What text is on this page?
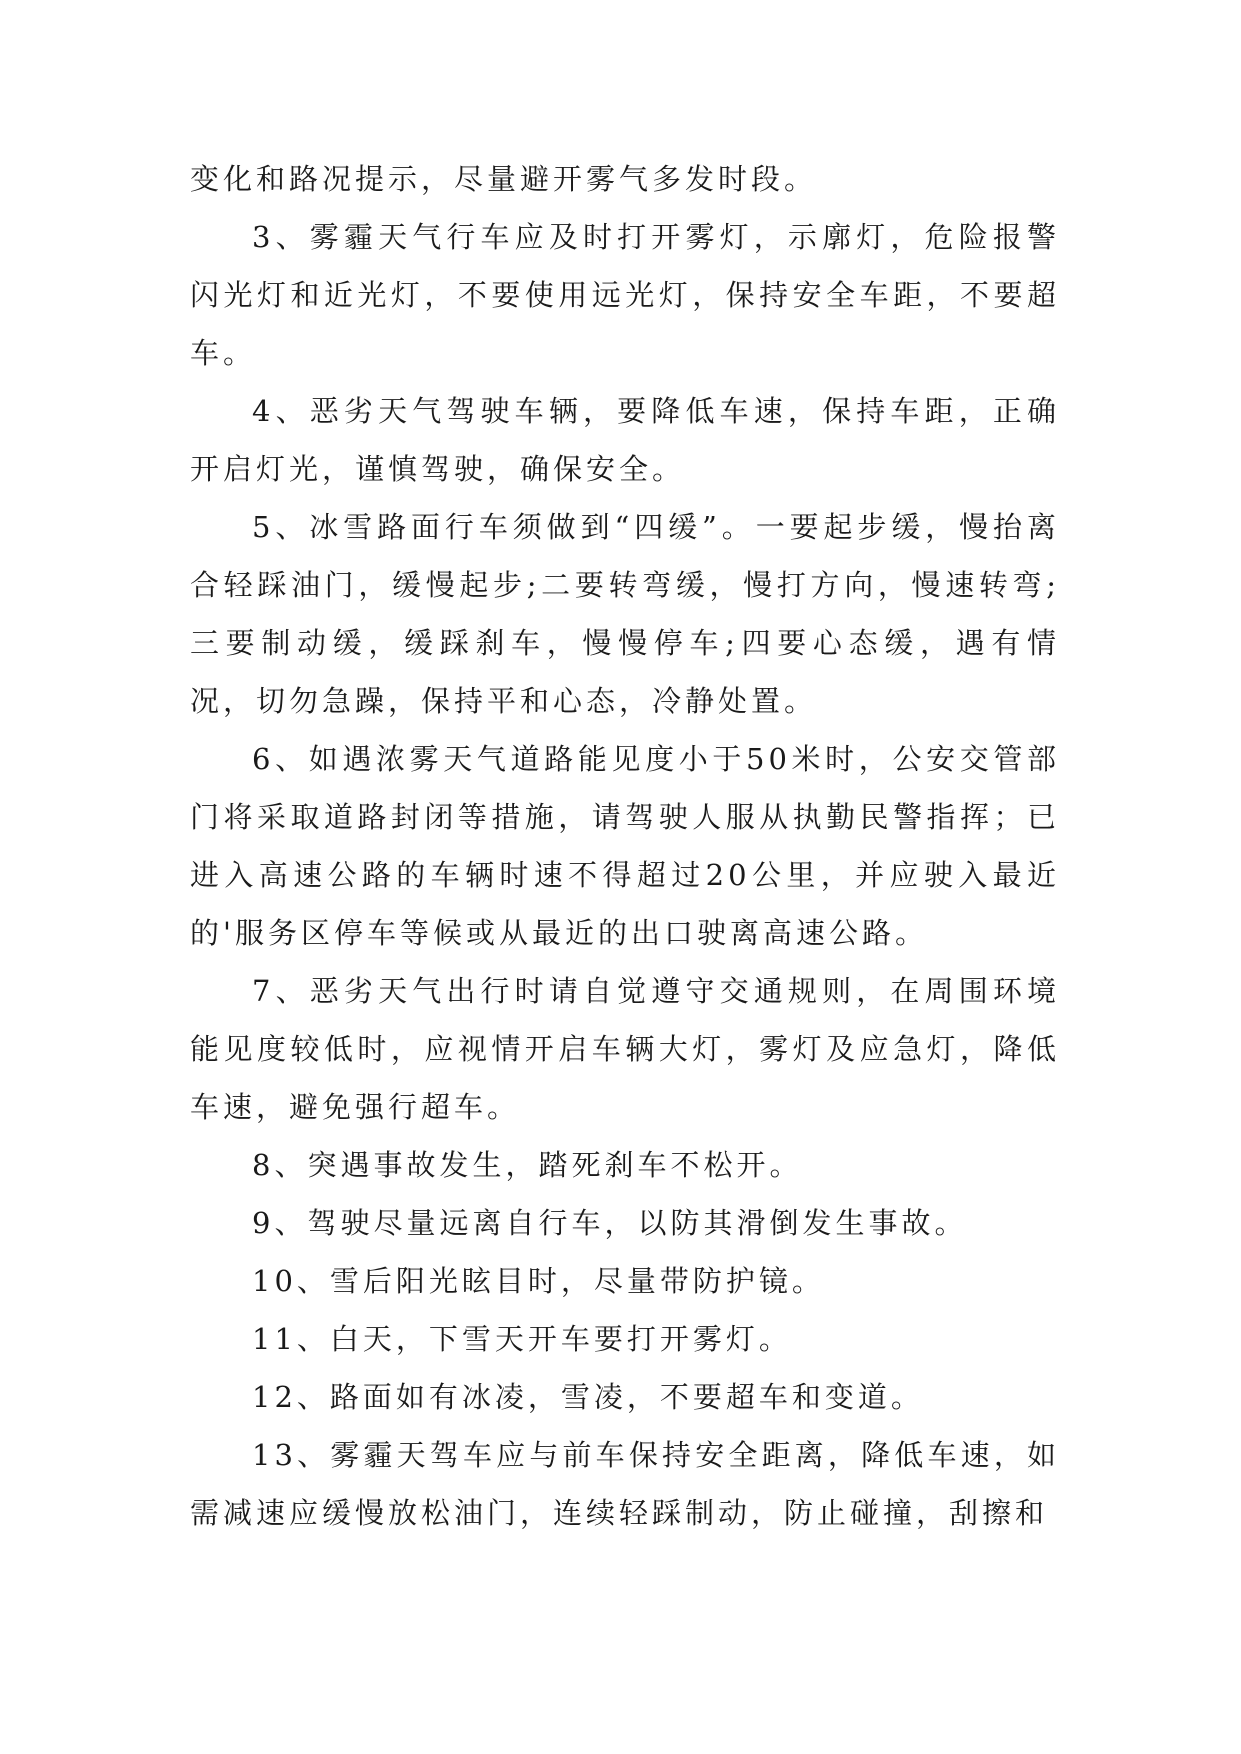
变化和路况提示，尽量避开雾气多发时段。

3、雾霾天气行车应及时打开雾灯，示廓灯，危险报警闪光灯和近光灯，不要使用远光灯，保持安全车距，不要超车。

4、恶劣天气驾驶车辆，要降低车速，保持车距，正确开启灯光，谨慎驾驶，确保安全。

5、冰雪路面行车须做到“四缓”。一要起步缓，慢抬离合轻踩油门，缓慢起步;二要转弯缓，慢打方向，慢速转弯;三要制动缓，缓踩刹车，慢慢停车;四要心态缓，遇有情况，切勿急躁，保持平和心态，冷静处置。

6、如遇浓雾天气道路能见度小于50米时，公安交管部门将采取道路封闭等措施，请驾驶人服从执勤民警指挥；已进入高速公路的车辆时速不得超过20公里，并应驶入最近的'服务区停车等候或从最近的出口驶离高速公路。

7、恶劣天气出行时请自觉遵守交通规则，在周围环境能见度较低时，应视情开启车辆大灯，雾灯及应急灯，降低车速，避免强行超车。

8、突遇事故发生，踏死刹车不松开。

9、驾驶尽量远离自行车，以防其滑倒发生事故。

10、雪后阳光眩目时，尽量带防护镜。

11、白天，下雪天开车要打开雾灯。

12、路面如有冰凌，雪凌，不要超车和变道。

13、雾霾天驾车应与前车保持安全距离，降低车速，如需减速应缓慢放松油门，连续轻踩制动，防止碰撞，刮擦和
